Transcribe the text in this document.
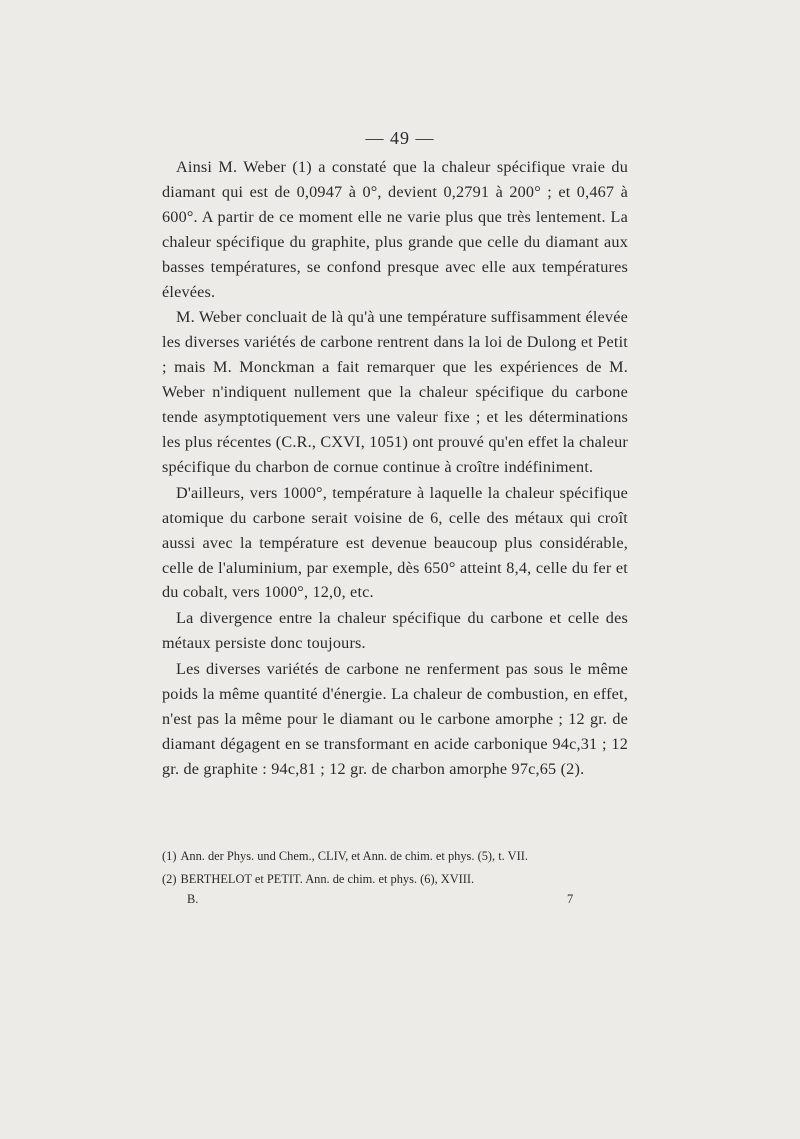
— 49 —

Ainsi M. Weber (1) a constaté que la chaleur spécifique vraie du diamant qui est de 0,0947 à 0°, devient 0,2791 à 200° ; et 0,467 à 600°. A partir de ce moment elle ne varie plus que très lentement. La chaleur spécifique du graphite, plus grande que celle du diamant aux basses températures, se confond presque avec elle aux températures élevées.

M. Weber concluait de là qu'à une température suffisamment élevée les diverses variétés de carbone rentrent dans la loi de Dulong et Petit ; mais M. Monckman a fait remarquer que les expériences de M. Weber n'indiquent nullement que la chaleur spécifique du carbone tende asymptotiquement vers une valeur fixe ; et les déterminations les plus récentes (C.R., CXVI, 1051) ont prouvé qu'en effet la chaleur spécifique du charbon de cornue continue à croître indéfiniment.

D'ailleurs, vers 1000°, température à laquelle la chaleur spécifique atomique du carbone serait voisine de 6, celle des métaux qui croît aussi avec la température est devenue beaucoup plus considérable, celle de l'aluminium, par exemple, dès 650° atteint 8,4, celle du fer et du cobalt, vers 1000°, 12,0, etc.

La divergence entre la chaleur spécifique du carbone et celle des métaux persiste donc toujours.

Les diverses variétés de carbone ne renferment pas sous le même poids la même quantité d'énergie. La chaleur de combustion, en effet, n'est pas la même pour le diamant ou le carbone amorphe ; 12 gr. de diamant dégagent en se transformant en acide carbonique 94c,31 ; 12 gr. de graphite : 94c,81 ; 12 gr. de charbon amorphe 97c,65 (2).

(1) Ann. der Phys. und Chem., CLIV, et Ann. de chim. et phys. (5), t. VII.

(2) BERTHELOT et PETIT. Ann. de chim. et phys. (6), XVIII.

B.	7
